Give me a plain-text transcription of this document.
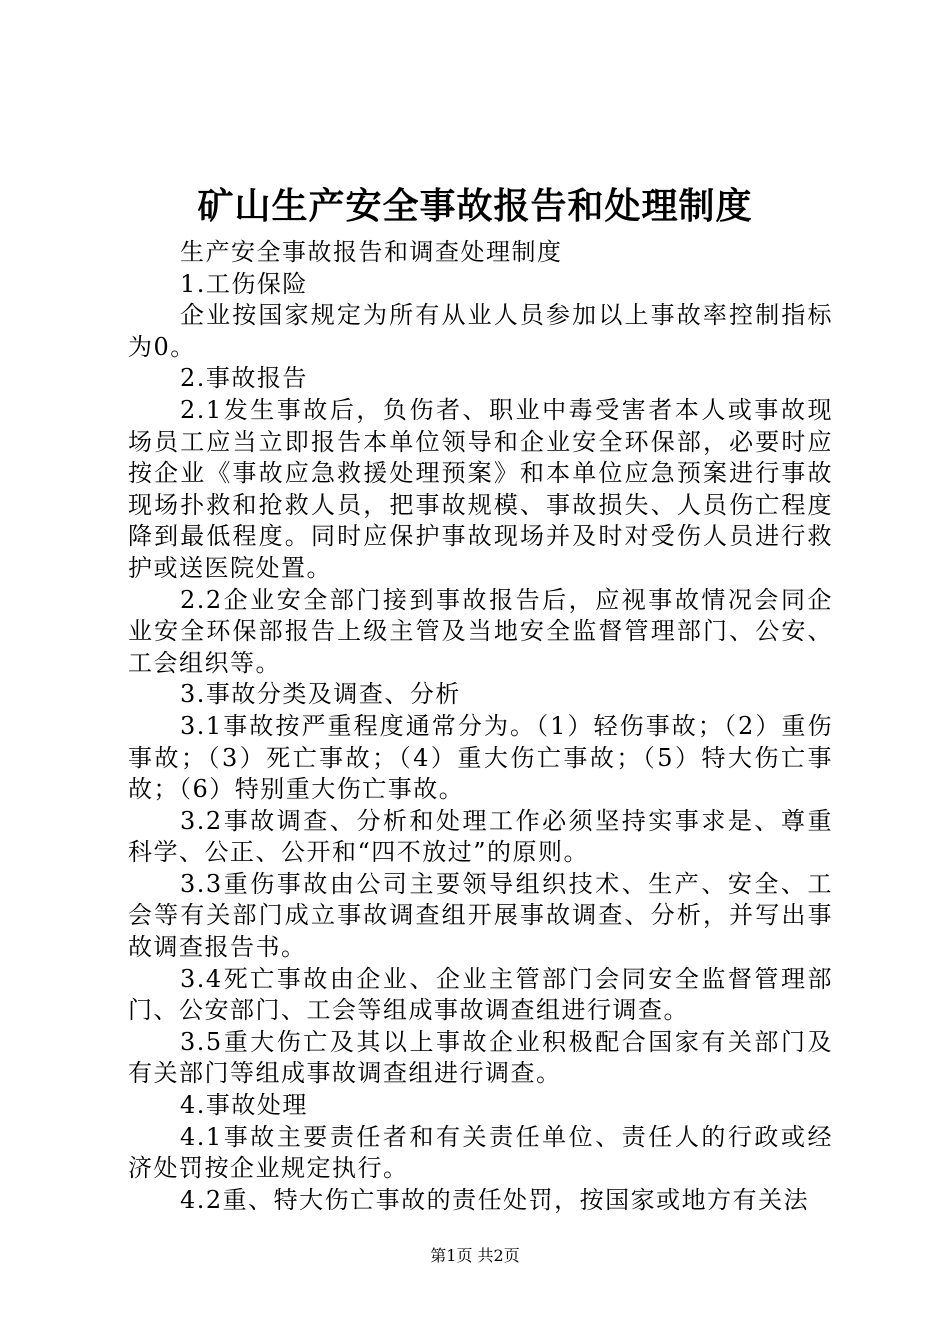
矿山生产安全事故报告和处理制度

生产安全事故报告和调查处理制度

1.工伤保险

企业按国家规定为所有从业人员参加以上事故率控制指标为0。

2.事故报告

2.1发生事故后，负伤者、职业中毒受害者本人或事故现场员工应当立即报告本单位领导和企业安全环保部，必要时应按企业《事故应急救援处理预案》和本单位应急预案进行事故现场扑救和抢救人员，把事故规模、事故损失、人员伤亡程度降到最低程度。同时应保护事故现场并及时对受伤人员进行救护或送医院处置。

2.2企业安全部门接到事故报告后，应视事故情况会同企业安全环保部报告上级主管及当地安全监督管理部门、公安、工会组织等。

3.事故分类及调查、分析

3.1事故按严重程度通常分为。（1）轻伤事故；（2）重伤事故；（3）死亡事故；（4）重大伤亡事故；（5）特大伤亡事故；（6）特别重大伤亡事故。

3.2事故调查、分析和处理工作必须坚持实事求是、尊重科学、公正、公开和“四不放过”的原则。

3.3重伤事故由公司主要领导组织技术、生产、安全、工会等有关部门成立事故调查组开展事故调查、分析，并写出事故调查报告书。

3.4死亡事故由企业、企业主管部门会同安全监督管理部门、公安部门、工会等组成事故调查组进行调查。

3.5重大伤亡及其以上事故企业积极配合国家有关部门及有关部门等组成事故调查组进行调查。

4.事故处理

4.1事故主要责任者和有关责任单位、责任人的行政或经济处罚按企业规定执行。

4.2重、特大伤亡事故的责任处罚，按国家或地方有关法

第1页 共2页
